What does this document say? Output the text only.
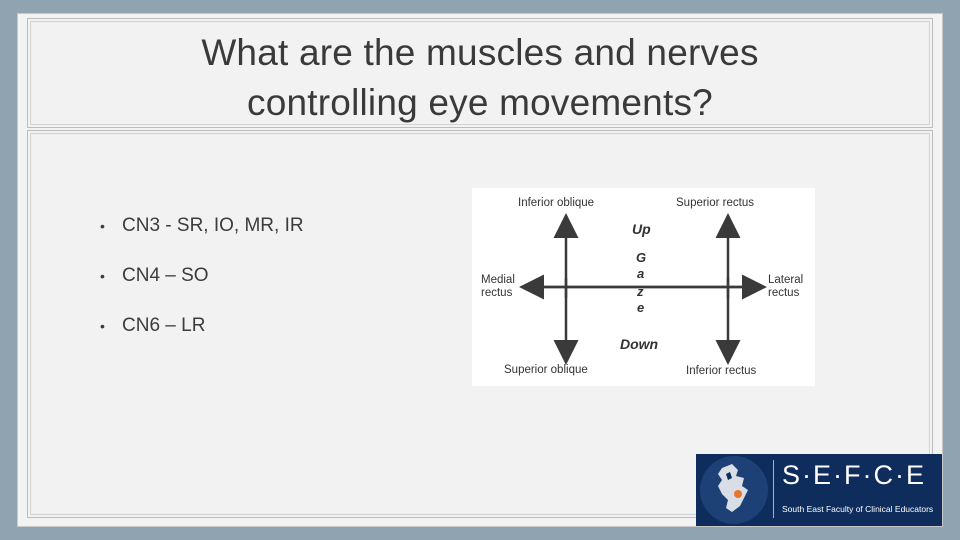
What are the muscles and nerves
controlling eye movements?
• CN3 - SR, IO, MR, IR
• CN4 – SO
• CN6 – LR
Inferior oblique	Superior rectus
Medial
rectus
Lateral
rectus
Superior oblique	Inferior rectus
Up
Down
G
a
z
e
S·E·F·C·E
South East Faculty of Clinical Educators
